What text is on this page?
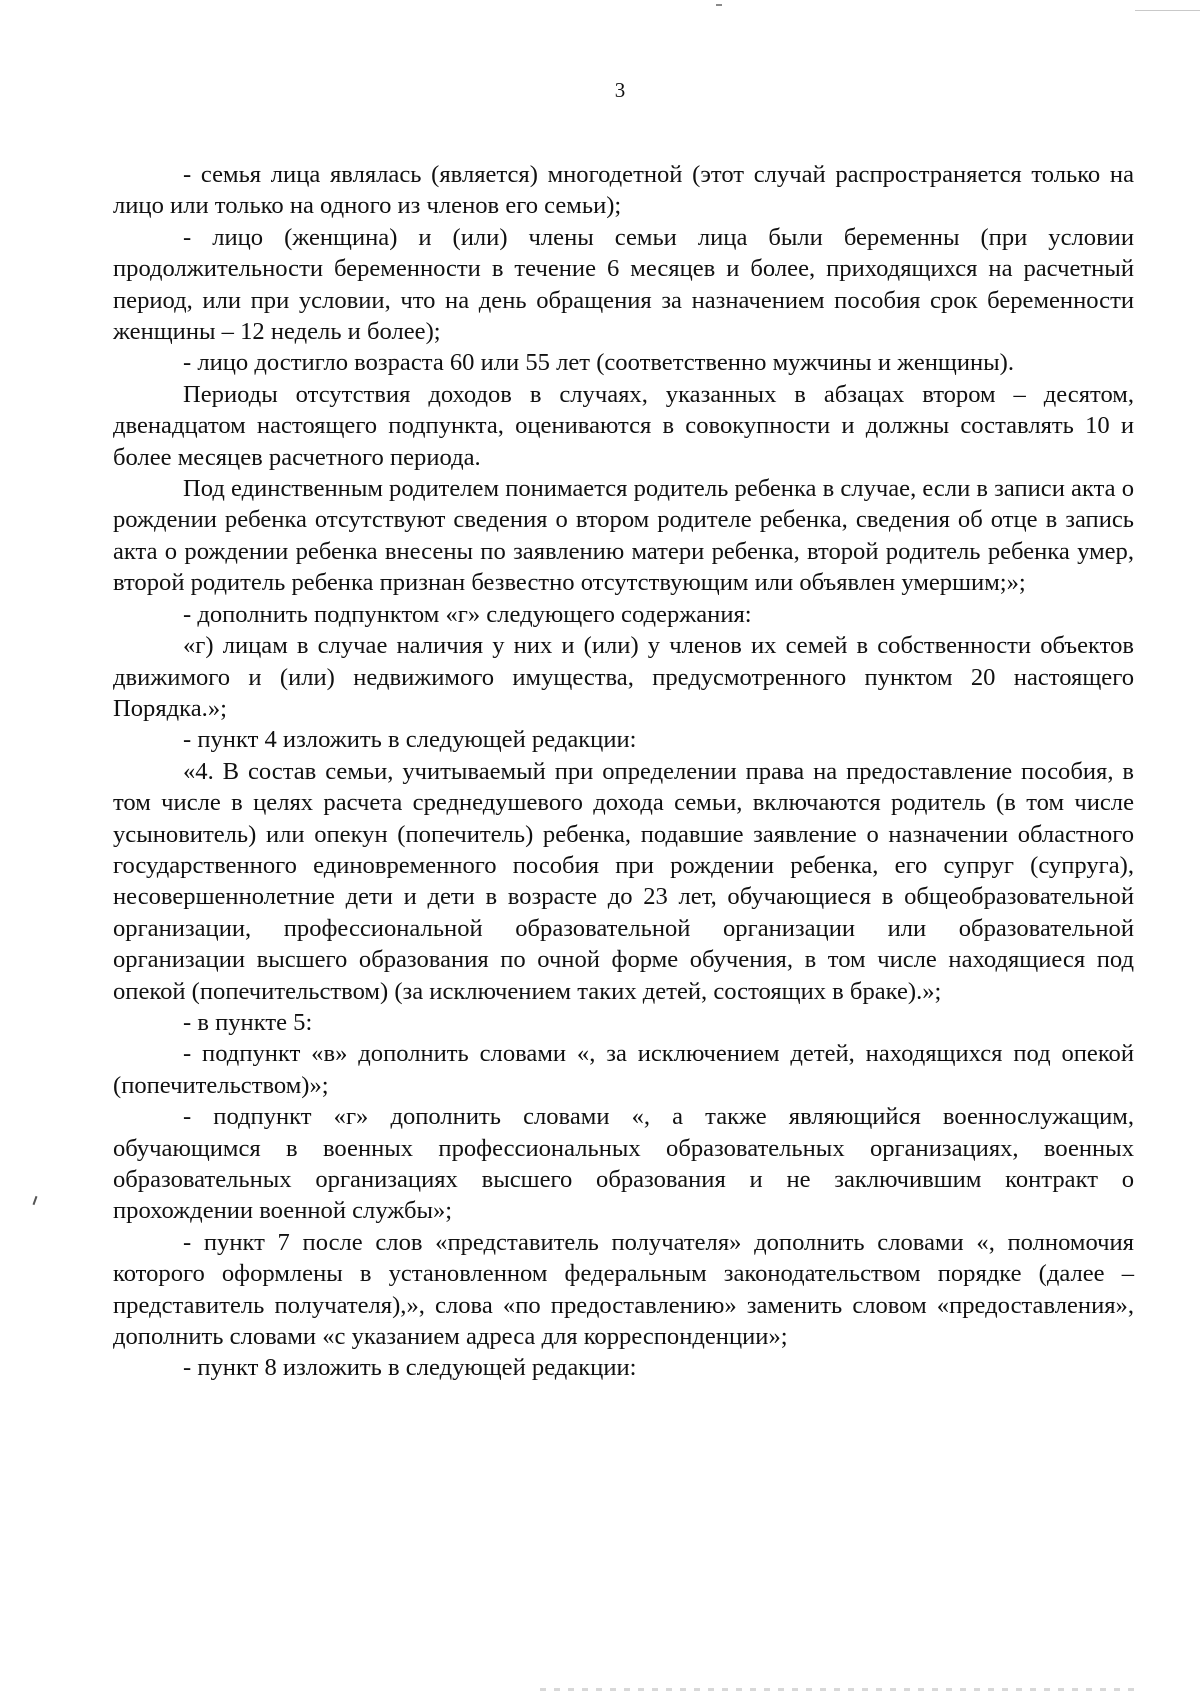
3

- семья лица являлась (является) многодетной (этот случай распространяется только на лицо или только на одного из членов его семьи);

- лицо (женщина) и (или) члены семьи лица были беременны (при условии продолжительности беременности в течение 6 месяцев и более, приходящихся на расчетный период, или при условии, что на день обращения за назначением пособия срок беременности женщины – 12 недель и более);

- лицо достигло возраста 60 или 55 лет (соответственно мужчины и женщины).

Периоды отсутствия доходов в случаях, указанных в абзацах втором – десятом, двенадцатом настоящего подпункта, оцениваются в совокупности и должны составлять 10 и более месяцев расчетного периода.

Под единственным родителем понимается родитель ребенка в случае, если в записи акта о рождении ребенка отсутствуют сведения о втором родителе ребенка, сведения об отце в запись акта о рождении ребенка внесены по заявлению матери ребенка, второй родитель ребенка умер, второй родитель ребенка признан безвестно отсутствующим или объявлен умершим;»;

- дополнить подпунктом «г» следующего содержания:

«г) лицам в случае наличия у них и (или) у членов их семей в собственности объектов движимого и (или) недвижимого имущества, предусмотренного пунктом 20 настоящего Порядка.»;

- пункт 4 изложить в следующей редакции:

«4. В состав семьи, учитываемый при определении права на предоставление пособия, в том числе в целях расчета среднедушевого дохода семьи, включаются родитель (в том числе усыновитель) или опекун (попечитель) ребенка, подавшие заявление о назначении областного государственного единовременного пособия при рождении ребенка, его супруг (супруга), несовершеннолетние дети и дети в возрасте до 23 лет, обучающиеся в общеобразовательной организации, профессиональной образовательной организации или образовательной организации высшего образования по очной форме обучения, в том числе находящиеся под опекой (попечительством) (за исключением таких детей, состоящих в браке).»;

- в пункте 5:

- подпункт «в» дополнить словами «, за исключением детей, находящихся под опекой (попечительством)»;

- подпункт «г» дополнить словами «, а также являющийся военнослужащим, обучающимся в военных профессиональных образовательных организациях, военных образовательных организациях высшего образования и не заключившим контракт о прохождении военной службы»;

- пункт 7 после слов «представитель получателя» дополнить словами «, полномочия которого оформлены в установленном федеральным законодательством порядке (далее – представитель получателя),», слова «по предоставлению» заменить словом «предоставления», дополнить словами «с указанием адреса для корреспонденции»;

- пункт 8 изложить в следующей редакции:
